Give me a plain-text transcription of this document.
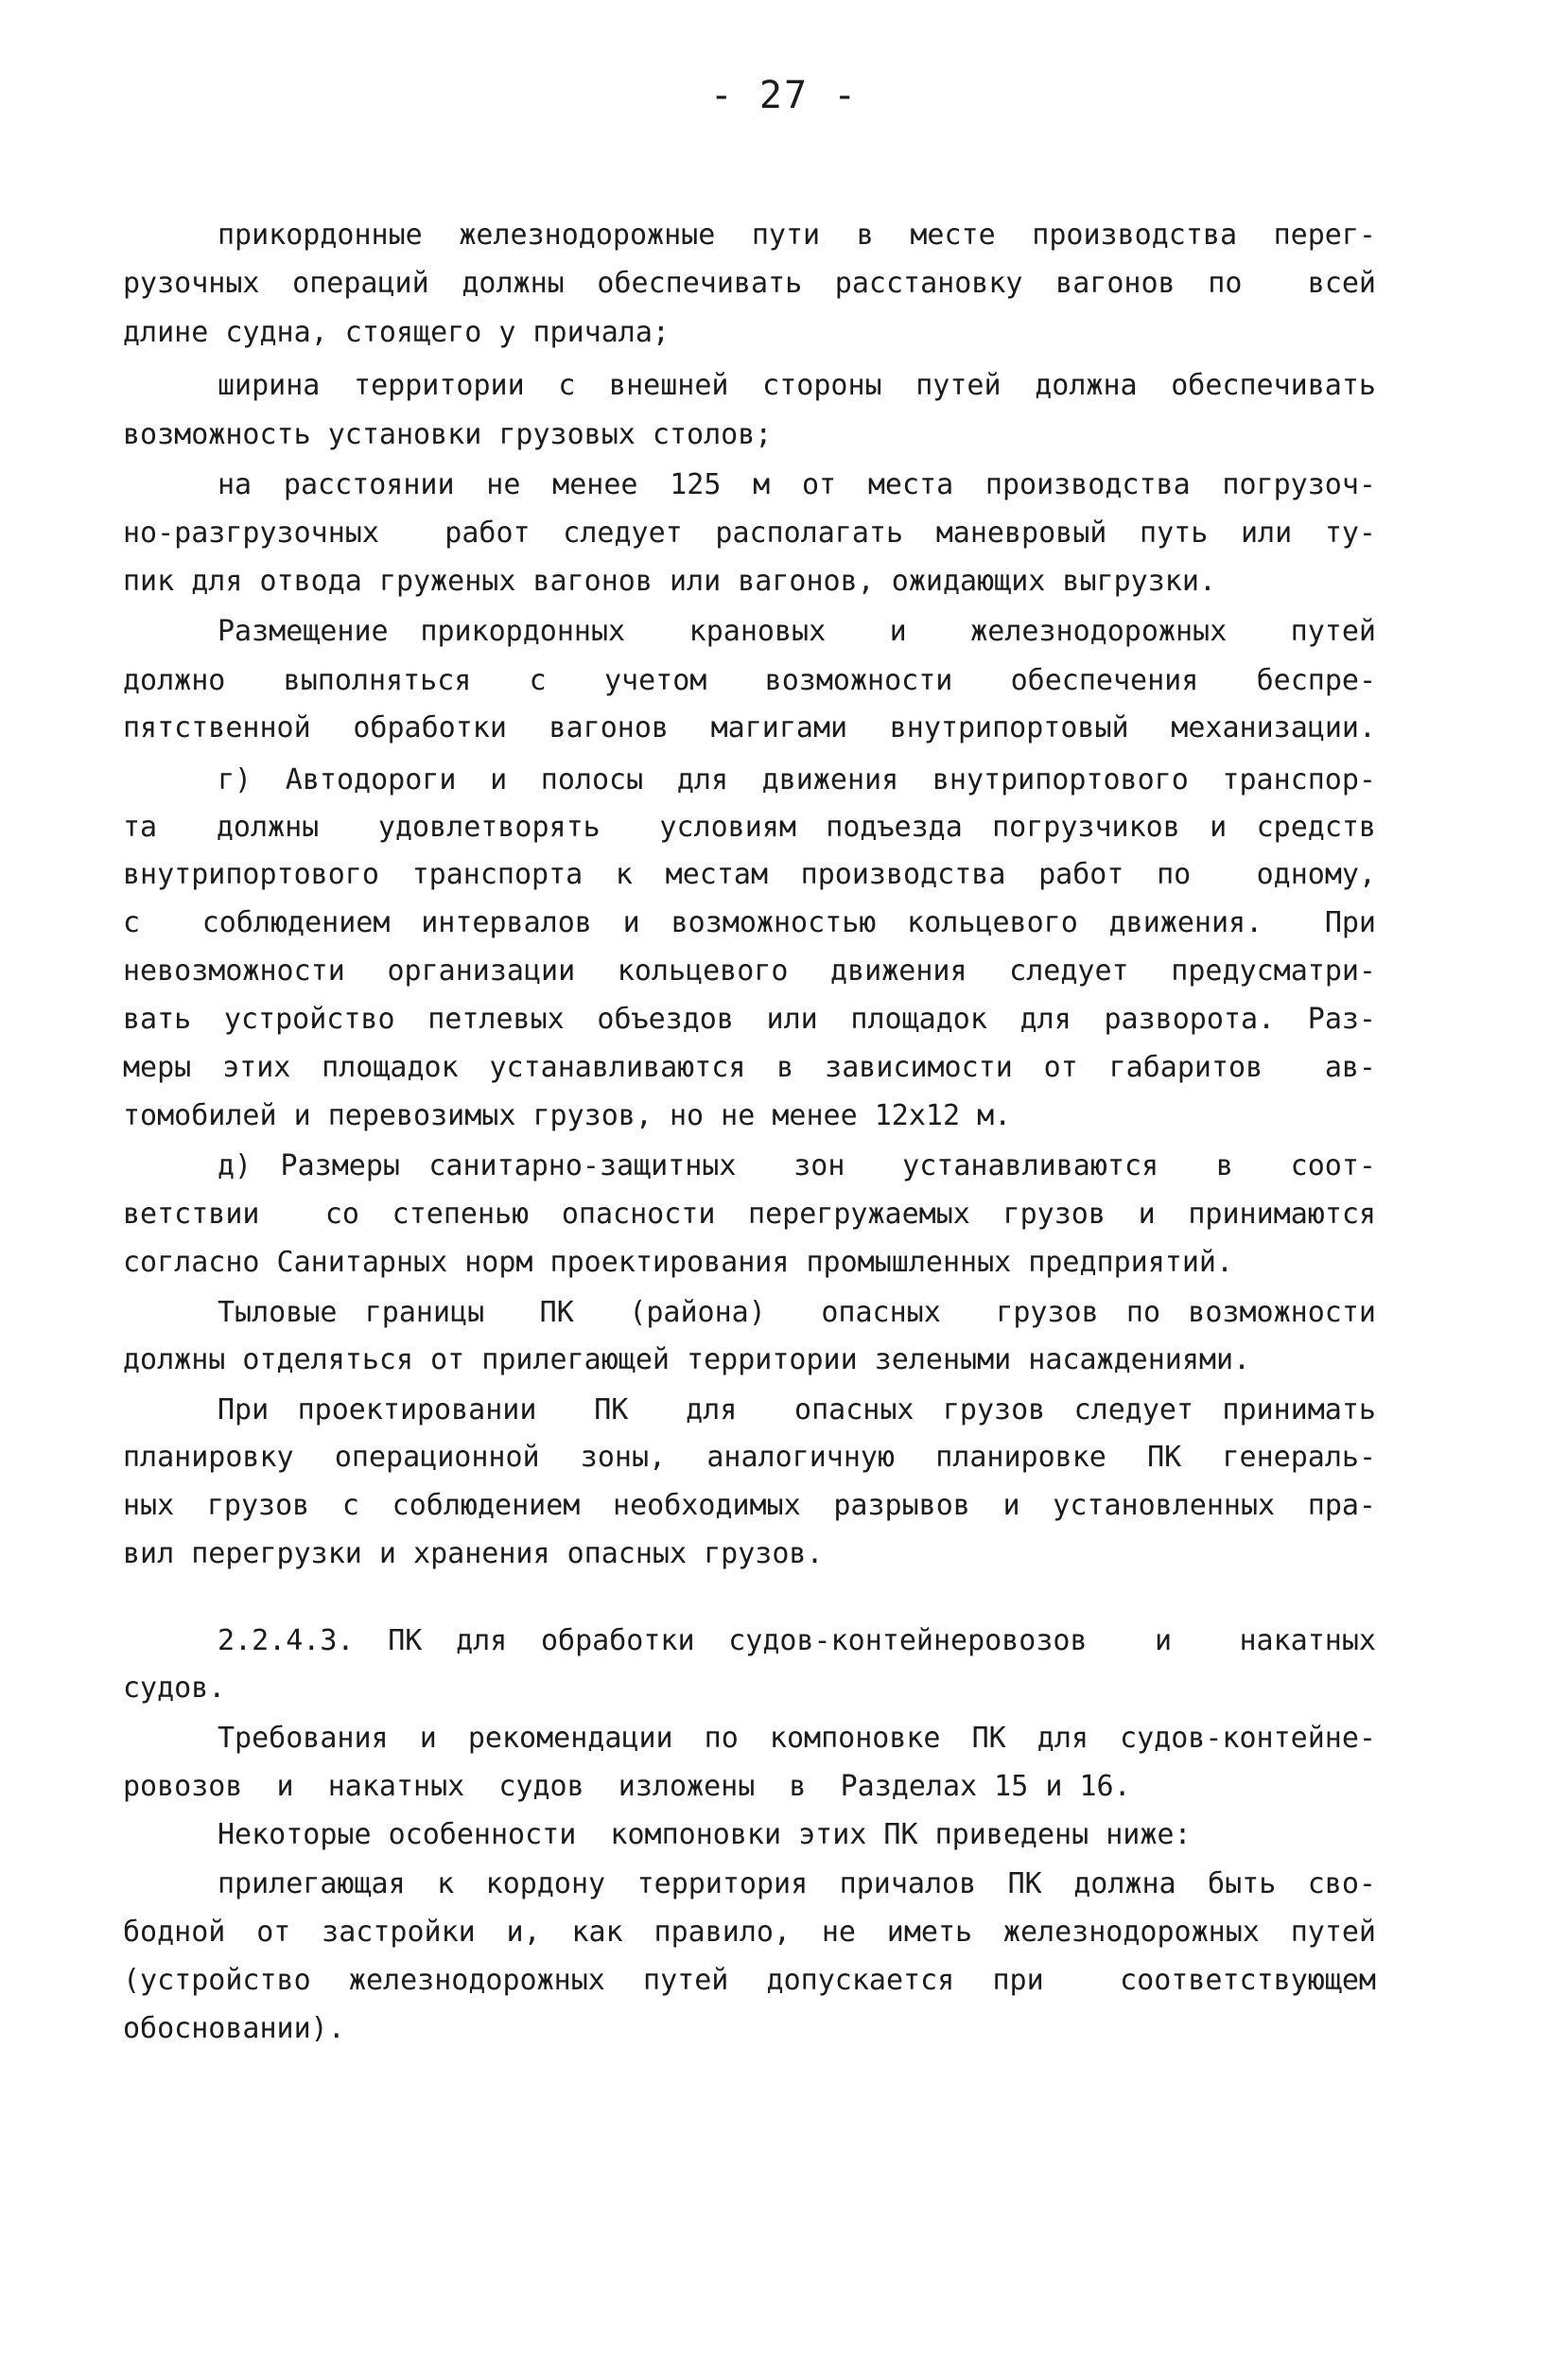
- 27 -
прикордонные железнодорожные пути в месте производства перег-
рузочных операций должны обеспечивать расстановку вагонов по  всей
длине судна, стоящего у причала;
ширина территории с внешней стороны путей должна обеспечивать
возможность установки грузовых столов;
на расстоянии не менее 125 м от места производства погрузоч-
но-разгрузочных  работ следует располагать маневровый путь или ту-
пик для отвода груженых вагонов или вагонов, ожидающих выгрузки.
Размещение прикордонных  крановых  и  железнодорожных  путей
должно  выполняться  с  учетом  возможности  обеспечения  беспре-
пятственной обработки вагонов магигами внутрипортовый механизации.
г) Автодороги и полосы для движения внутрипортового транспор-
та  должны  удовлетворять  условиям подъезда погрузчиков и средств
внутрипортового транспорта к местам производства работ по  одному,
с  соблюдением интервалов и возможностью кольцевого движения.  При
невозможности организации кольцевого движения следует предусматри-
вать устройство петлевых объездов или площадок для разворота. Раз-
меры этих площадок устанавливаются в зависимости от габаритов  ав-
томобилей и перевозимых грузов, но не менее 12х12 м.
д) Размеры санитарно-защитных  зон  устанавливаются  в  соот-
ветствии  со степенью опасности перегружаемых грузов и принимаются
согласно Санитарных норм проектирования промышленных предприятий.
Тыловые границы  ПК  (района)  опасных  грузов по возможности
должны отделяться от прилегающей территории зелеными насаждениями.
При проектировании  ПК  для  опасных грузов следует принимать
планировку операционной зоны, аналогичную планировке ПК генераль-
ных грузов с соблюдением необходимых разрывов и установленных пра-
вил перегрузки и хранения опасных грузов.
2.2.4.3. ПК для обработки судов-контейнеровозов  и  накатных
судов.
Требования и рекомендации по компоновке ПК для судов-контейне-
ровозов  и  накатных  судов  изложены  в  Разделах 15 и 16.
Некоторые особенности  компоновки этих ПК приведены ниже:
прилегающая к кордону территория причалов ПК должна быть сво-
бодной от застройки и, как правило, не иметь железнодорожных путей
(устройство железнодорожных путей допускается при  соответствующем
обосновании).
